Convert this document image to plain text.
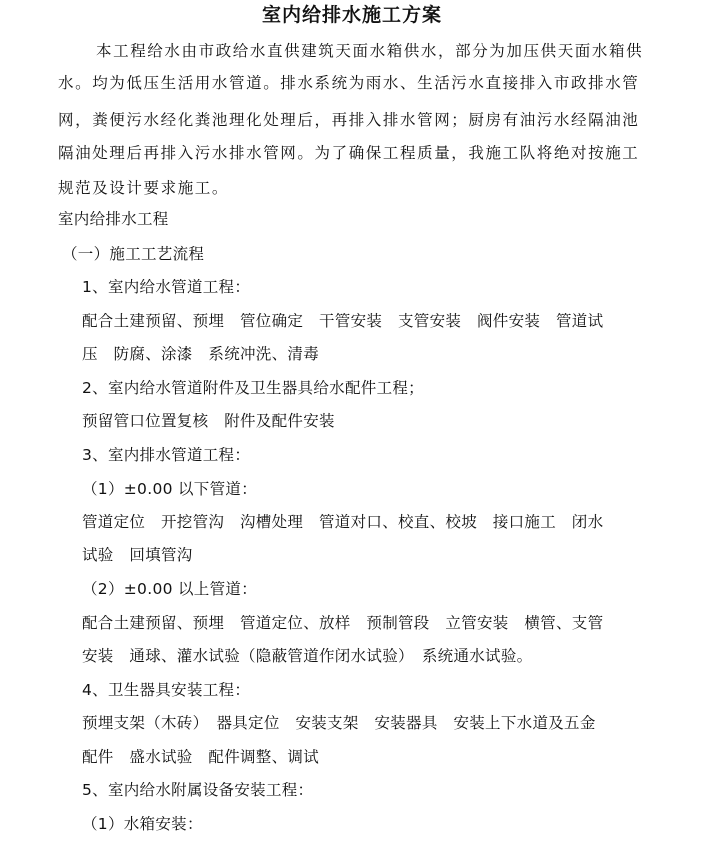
室内给排水施工方案
本工程给水由市政给水直供建筑天面水箱供水，部分为加压供天面水箱供
水。均为低压生活用水管道。排水系统为雨水、生活污水直接排入市政排水管
网，粪便污水经化粪池理化处理后，再排入排水管网；厨房有油污水经隔油池
隔油处理后再排入污水排水管网。为了确保工程质量，我施工队将绝对按施工
规范及设计要求施工。
室内给排水工程
（一）施工工艺流程
1、室内给水管道工程：
配合土建预留、预埋　管位确定　干管安装　支管安装　阀件安装　管道试
压　防腐、涂漆　系统冲洗、清毒
2、室内给水管道附件及卫生器具给水配件工程；
预留管口位置复核　附件及配件安装
3、室内排水管道工程：
（1）±0.00 以下管道：
管道定位　开挖管沟　沟槽处理　管道对口、校直、校坡　接口施工　闭水
试验　回填管沟
（2）±0.00 以上管道：
配合土建预留、预埋　管道定位、放样　预制管段　立管安装　横管、支管
安装　通球、灌水试验（隐蔽管道作闭水试验）　系统通水试验。
4、卫生器具安装工程：
预埋支架（木砖）　器具定位　安装支架　安装器具　安装上下水道及五金
配件　盛水试验　配件调整、调试
5、室内给水附属设备安装工程：
（1）水箱安装：
